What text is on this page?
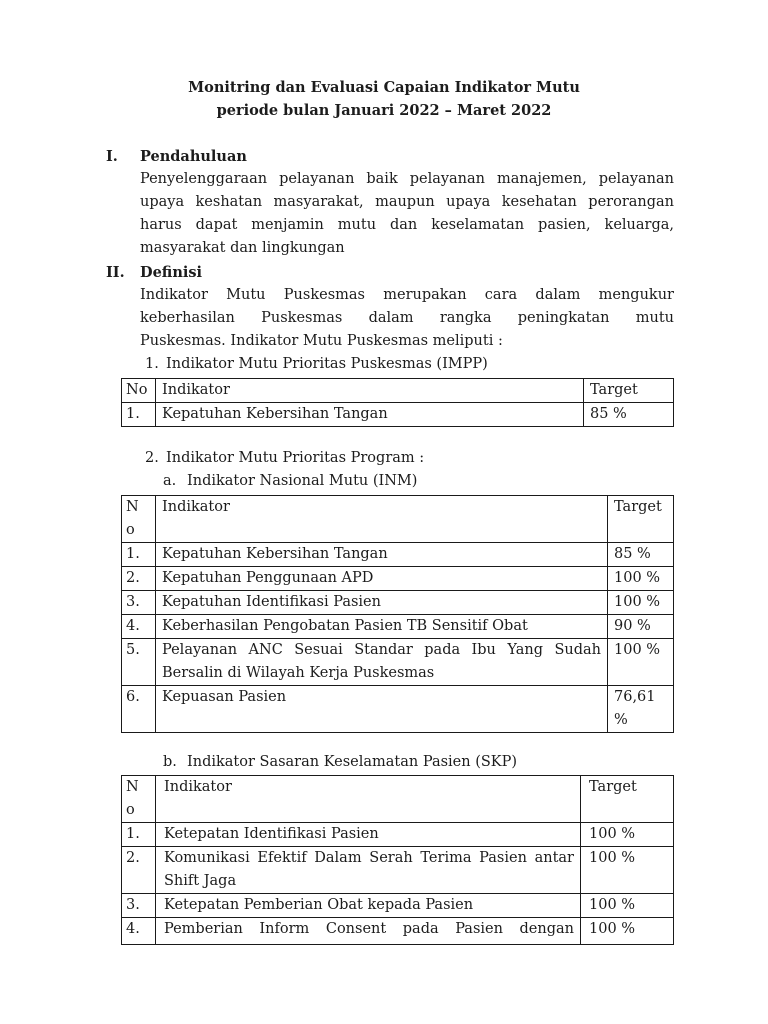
Monitring dan Evaluasi Capaian Indikator Mutu
periode bulan Januari 2022 – Maret 2022
I. Pendahuluan
Penyelenggaraan pelayanan baik pelayanan manajemen, pelayanan
upaya keshatan masyarakat, maupun upaya kesehatan perorangan
harus dapat menjamin mutu dan keselamatan pasien, keluarga,
masyarakat dan lingkungan
II. Definisi
Indikator Mutu Puskesmas merupakan cara dalam mengukur
keberhasilan Puskesmas dalam rangka peningkatan mutu
Puskesmas. Indikator Mutu Puskesmas meliputi :
1. Indikator Mutu Prioritas Puskesmas (IMPP)
No	Indikator	Target
1.	Kepatuhan Kebersihan Tangan	85 %
2. Indikator Mutu Prioritas Program :
a. Indikator Nasional Mutu (INM)
No	Indikator	Target
1.	Kepatuhan Kebersihan Tangan	85 %
2.	Kepatuhan Penggunaan APD	100 %
3.	Kepatuhan Identifikasi Pasien	100 %
4.	Keberhasilan Pengobatan Pasien TB Sensitif Obat	90 %
5.	Pelayanan ANC Sesuai Standar pada Ibu Yang Sudah Bersalin di Wilayah Kerja Puskesmas	100 %
6.	Kepuasan Pasien	76,61 %
b. Indikator Sasaran Keselamatan Pasien (SKP)
No	Indikator	Target
1.	Ketepatan Identifikasi Pasien	100 %
2.	Komunikasi Efektif Dalam Serah Terima Pasien antar Shift Jaga	100 %
3.	Ketepatan Pemberian Obat kepada Pasien	100 %
4.	Pemberian Inform Consent pada Pasien dengan	100 %
